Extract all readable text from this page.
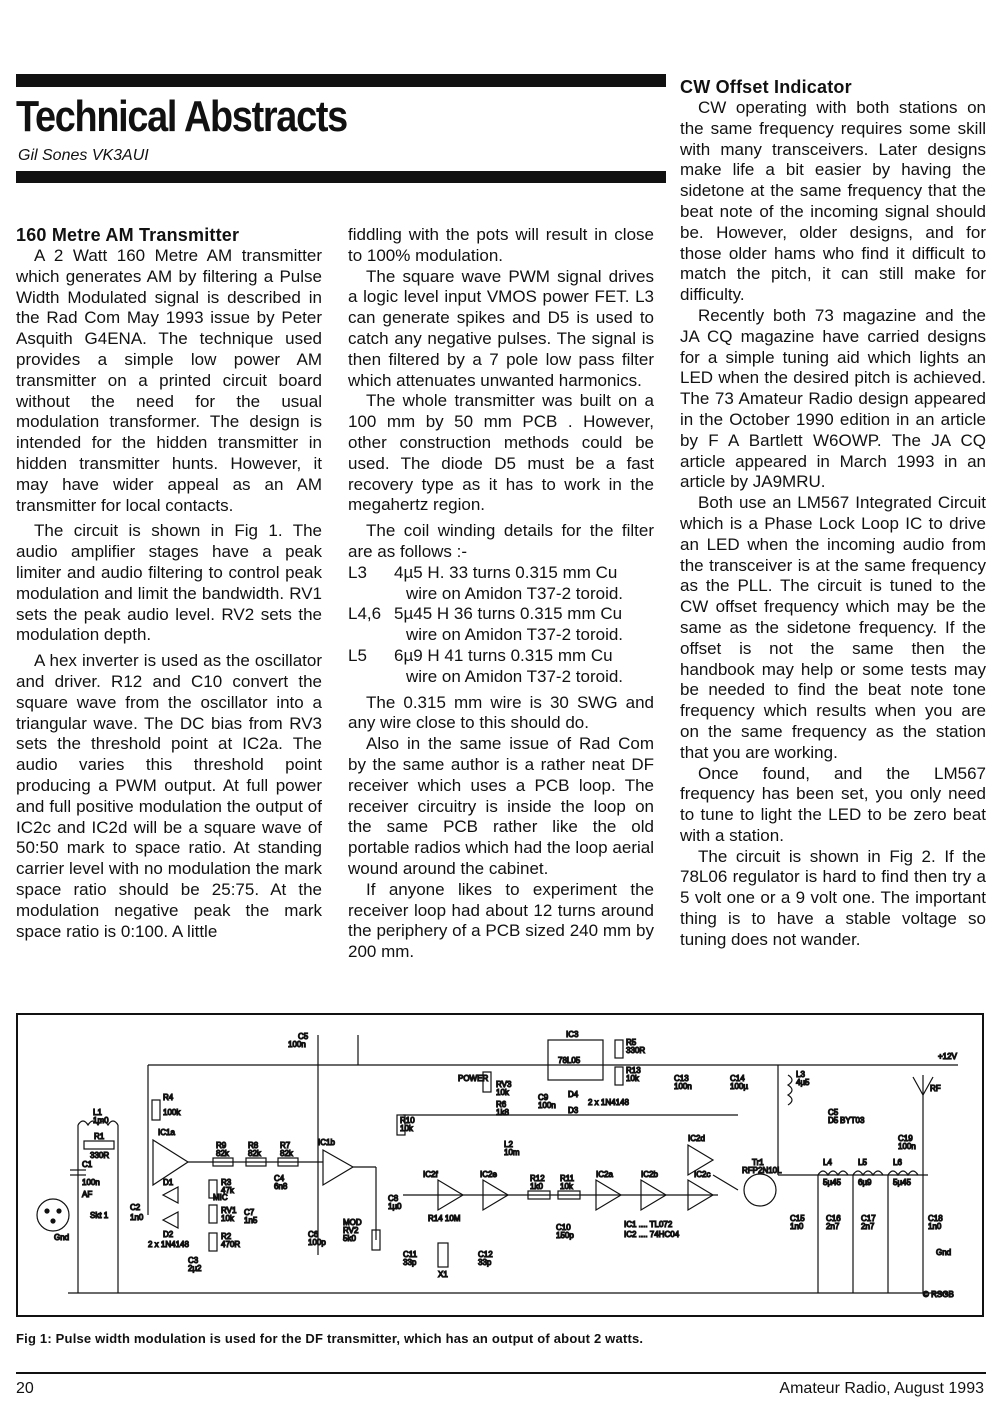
Technical Abstracts

Gil Sones VK3AUI

160 Metre AM Transmitter

A 2 Watt 160 Metre AM transmitter which generates AM by filtering a Pulse Width Modulated signal is described in the Rad Com May 1993 issue by Peter Asquith G4ENA. The technique used provides a simple low power AM transmitter on a printed circuit board without the need for the usual modulation transformer. The design is intended for the hidden transmitter in hidden transmitter hunts. However, it may have wider appeal as an AM transmitter for local contacts.

The circuit is shown in Fig 1. The audio amplifier stages have a peak limiter and audio filtering to control peak modulation and limit the bandwidth. RV1 sets the peak audio level. RV2 sets the modulation depth.

A hex inverter is used as the oscillator and driver. R12 and C10 convert the square wave from the oscillator into a triangular wave. The DC bias from RV3 sets the threshold point at IC2a. The audio varies this threshold point producing a PWM output. At full power and full positive modulation the output of IC2c and IC2d will be a square wave of 50:50 mark to space ratio. At standing carrier level with no modulation the mark space ratio should be 25:75. At the modulation negative peak the mark space ratio is 0:100. A little

fiddling with the pots will result in close to 100% modulation.

The square wave PWM signal drives a logic level input VMOS power FET. L3 can generate spikes and D5 is used to catch any negative pulses. The signal is then filtered by a 7 pole low pass filter which attenuates unwanted harmonics.

The whole transmitter was built on a 100 mm by 50 mm PCB . However, other construction methods could be used. The diode D5 must be a fast recovery type as it has to work in the megahertz region.

The coil winding details for the filter are as follows :-

L3	4µ5 H. 33 turns 0.315 mm Cu
wire on Amidon T37-2 toroid.
L4,6 5µ45 H 36 turns 0.315 mm Cu
wire on Amidon T37-2 toroid.
L5	6µ9 H 41 turns 0.315 mm Cu
wire on Amidon T37-2 toroid.

The 0.315 mm wire is 30 SWG and any wire close to this should do.

Also in the same issue of Rad Com by the same author is a rather neat DF receiver which uses a PCB loop. The receiver circuitry is inside the loop on the same PCB rather like the old portable radios which had the loop aerial wound around the cabinet.

If anyone likes to experiment the receiver loop had about 12 turns around the periphery of a PCB sized 240 mm by 200 mm.

CW Offset Indicator

CW operating with both stations on the same frequency requires some skill with many transceivers. Later designs make life a bit easier by having the sidetone at the same frequency that the beat note of the incoming signal should be. However, older designs, and for those older hams who find it difficult to match the pitch, it can still make for difficulty.

Recently both 73 magazine and the JA CQ magazine have carried designs for a simple tuning aid which lights an LED when the desired pitch is achieved. The 73 Amateur Radio design appeared in the October 1990 edition in an article by F A Bartlett W6OWP. The JA CQ article appeared in March 1993 in an article by JA9MRU.

Both use an LM567 Integrated Circuit which is a Phase Lock Loop IC to drive an LED when the incoming audio from the transceiver is at the same frequency as the PLL. The circuit is tuned to the CW offset frequency which may be the same as the sidetone frequency. If the offset is not the same then the handbook may help or some tests may be needed to find the beat note tone frequency which results when you are on the same frequency as the station that you are working.

Once found, and the LM567 frequency has been set, you only need to tune to light the LED to be zero beat with a station.

The circuit is shown in Fig 2. If the 78L06 regulator is hard to find then try a 5 volt one or a 9 volt one. The important thing is to have a stable voltage so tuning does not wander.

L1
1m0
R1
330R
C1
100n
AF
Skt 1
Gnd
C2
1n0
R4
100k
IC1a
D1
D2
2 x 1N4148
R3
47k
MIC
RV1
10k
R2
470R
C3
2µ2
R9
82k
R8
82k
R7
82k
C4
6n8
C7
1n5
IC1b
C6
100p
C5
100n
MOD
RV2
5k0
C8
1µ0
R10
10k
POWER
RV3
10k
R6
1k8
IC3
78L05
C9
100n
R5
330R
R13
10k
D4
D3
2 x 1N4148
L2
10m
R12
1k0
R11
10k
IC2f	IC2e	IC2a	IC2b
IC2d
IC2c
R14 10M
X1
C11
33p
C12
33p
C10
150p
IC1 .... TL072
IC2 .... 74HC04
C13
100n
C14
100µ
L3
4µ5
C5
D5 BYT03
Tr1
RFP2N10L
L4
5µ45
L5
6µ9
L6
5µ45
C19
100n
C15
1n0
C16
2n7
C17
2n7
C18
1n0
RF
Gnd
+12V
© RSGB

Fig 1: Pulse width modulation is used for the DF transmitter, which has an output of about 2 watts.

20	Amateur Radio, August 1993
